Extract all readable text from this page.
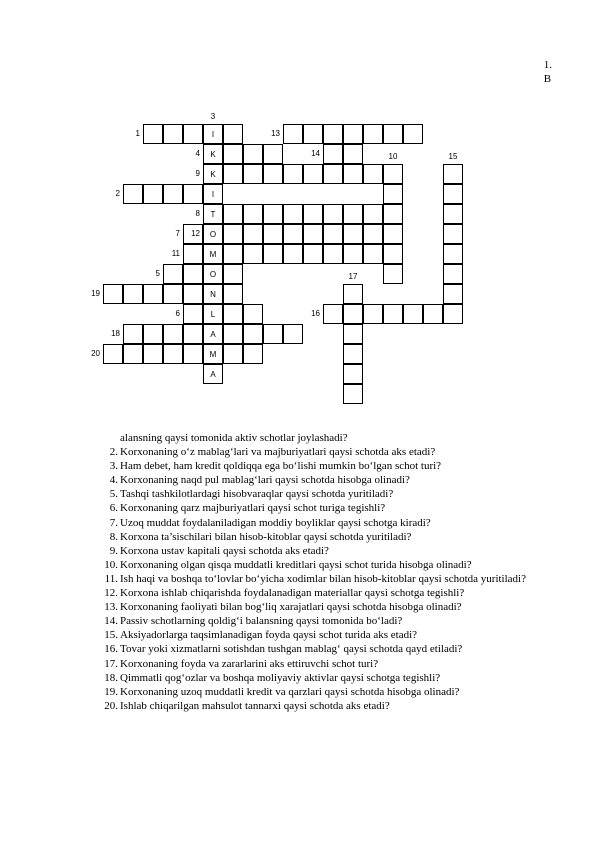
1.
B
I
I
K
K
T
O
M
O
N
L
A
M
A
1
2
3
4
5
6
7
8
9
10
11
12
13
14	15
16
17
18
19
20
alansning qaysi tomonida aktiv schotlar joylashadi?
2. Korxonaning o‘z mablag‘lari va majburiyatlari qaysi schotda aks etadi?
3. Ham debet, ham kredit qoldiqqa ega bo‘lishi mumkin bo‘lgan schot turi?
4. Korxonaning naqd pul mablag‘lari qaysi schotda hisobga olinadi?
5. Tashqi tashkilotlardagi hisobvaraqlar qaysi schotda yuritiladi?
6. Korxonaning qarz majburiyatlari qaysi schot turiga tegishli?
7. Uzoq muddat foydalaniladigan moddiy boyliklar qaysi schotga kiradi?
8. Korxona ta’sischilari bilan hisob-kitoblar qaysi schotda yuritiladi?
9. Korxona ustav kapitali qaysi schotda aks etadi?
10. Korxonaning olgan qisqa muddatli kreditlari qaysi schot turida hisobga olinadi?
11. Ish haqi va boshqa to‘lovlar bo‘yicha xodimlar bilan hisob-kitoblar qaysi schotda yuritiladi?
12. Korxona ishlab chiqarishda foydalanadigan materiallar qaysi schotga tegishli?
13. Korxonaning faoliyati bilan bog‘liq xarajatlari qaysi schotda hisobga olinadi?
14. Passiv schotlarning qoldig‘i balansning qaysi tomonida bo‘ladi?
15. Aksiyadorlarga taqsimlanadigan foyda qaysi schot turida aks etadi?
16. Tovar yoki xizmatlarni sotishdan tushgan mablag‘ qaysi schotda qayd etiladi?
17. Korxonaning foyda va zararlarini aks ettiruvchi schot turi?
18. Qimmatli qog‘ozlar va boshqa moliyaviy aktivlar qaysi schotga tegishli?
19. Korxonaning uzoq muddatli kredit va qarzlari qaysi schotda hisobga olinadi?
20. Ishlab chiqarilgan mahsulot tannarxi qaysi schotda aks etadi?
